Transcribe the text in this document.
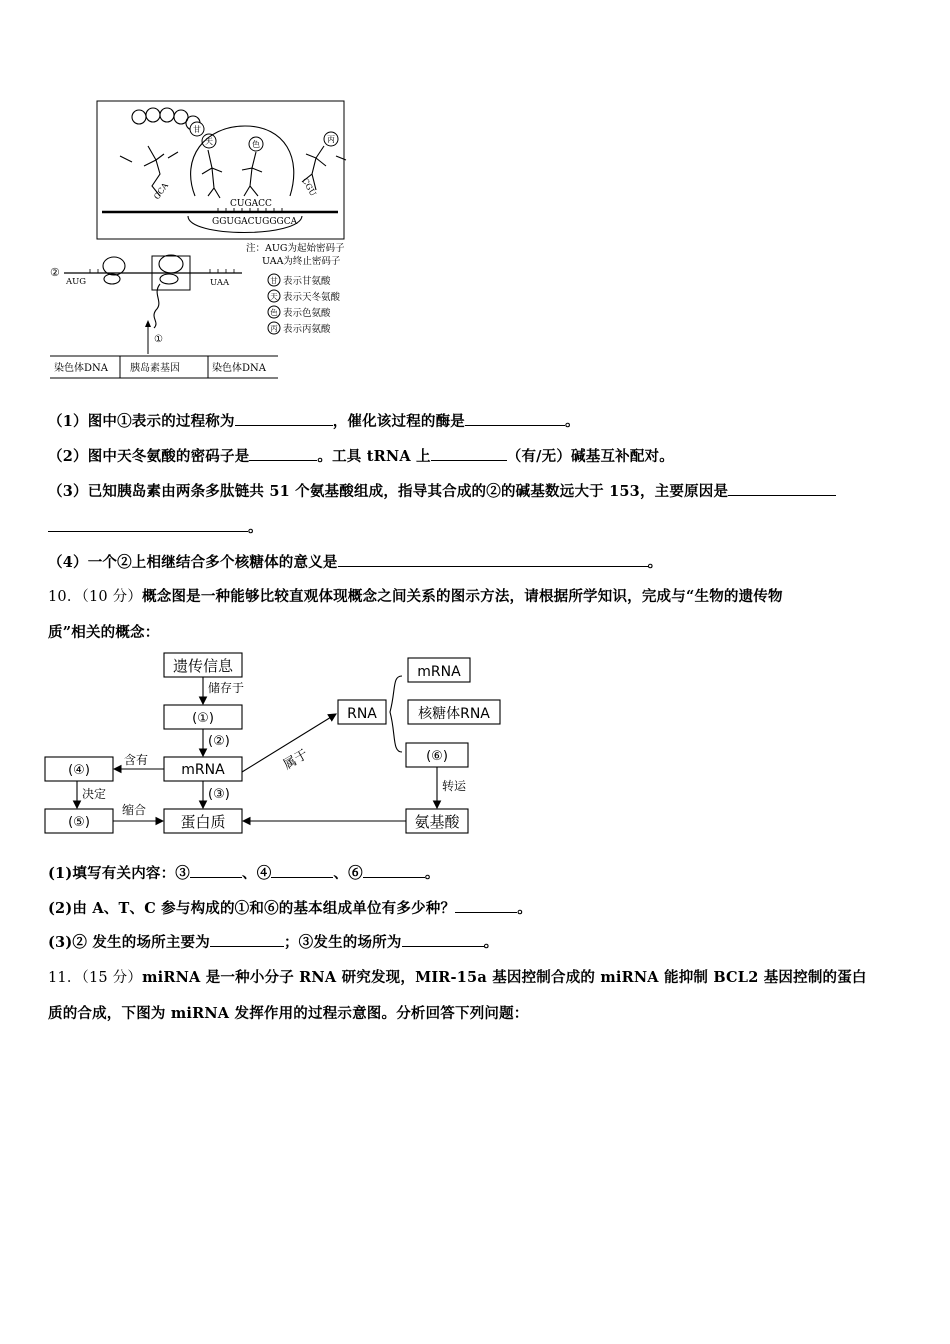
甘
天	色
丙
CCA	CGU
CUGACC
GGUGACUGGGCA
注：AUG为起始密码子
UAA为终止密码子
②
AUG	UAA	甘 表示甘氨酸
天 表示天冬氨酸
色 表示色氨酸
丙 表示丙氨酸
①
染色体DNA 胰岛素基因	染色体DNA
（1）图中①表示的过程称为	，催化该过程的酶是	。
（2）图中天冬氨酸的密码子是	。工具 tRNA 上	（有/无）碱基互补配对。
（3）已知胰岛素由两条多肽链共 51 个氨基酸组成，指导其合成的②的碱基数远大于 153，主要原因是
。
（4）一个②上相继结合多个核糖体的意义是	。
10．（10 分）概念图是一种能够比较直观体现概念之间关系的图示方法，请根据所学知识，完成与“生物的遗传物
质”相关的概念：
遗传信息
储存于
(①)
(②)
mRNA
(③)
蛋白质
含有
(④)
决定
(⑤)
缩合
属于
RNA
mRNA
核糖体RNA
(⑥)
转运
氨基酸
(1)填写有关内容：③	、④	、⑥	。
(2)由 A、T、C 参与构成的①和⑥的基本组成单位有多少种？	。
(3)② 发生的场所主要为	；③发生的场所为	。
11．（15 分）miRNA 是一种小分子 RNA 研究发现，MIR-15a 基因控制合成的 miRNA 能抑制 BCL2 基因控制的蛋白
质的合成，下图为 miRNA 发挥作用的过程示意图。分析回答下列问题：
